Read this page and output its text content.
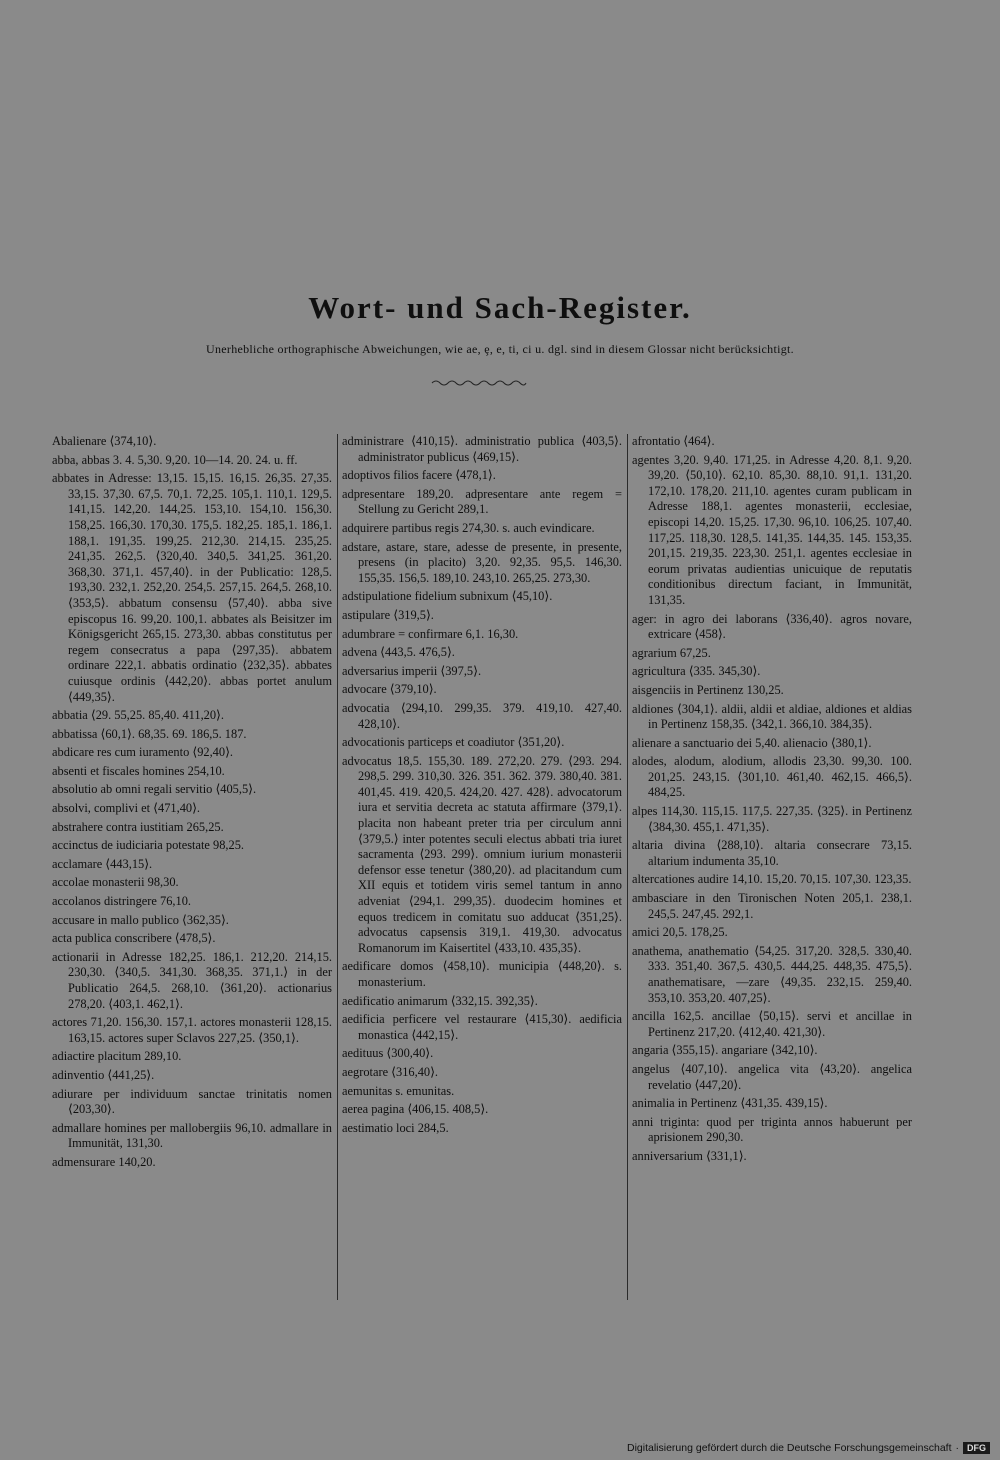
Wort- und Sach-Register.
Unerhebliche orthographische Abweichungen, wie ae, ȩ, e, ti, ci u. dgl. sind in diesem Glossar nicht berücksichtigt.
Abalienare ⟨374,10⟩.
abba, abbas 3. 4. 5,30. 9,20. 10—14. 20. 24. u. ff.
abbates in Adresse: 13,15. 15,15. 16,15. 26,35. 27,35. 33,15. 37,30. 67,5. 70,1. 72,25. 105,1. 110,1. 129,5. 141,15. 142,20. 144,25. 153,10. 154,10. 156,30. 158,25. 166,30. 170,30. 175,5. 182,25. 185,1. 186,1. 188,1. 191,35. 199,25. 212,30. 214,15. 235,25. 241,35. 262,5. ⟨320,40. 340,5. 341,25. 361,20. 368,30. 371,1. 457,40⟩. in der Publicatio: 128,5. 193,30. 232,1. 252,20. 254,5. 257,15. 264,5. 268,10. ⟨353,5⟩. abbatum consensu ⟨57,40⟩. abba sive episcopus 16. 99,20. 100,1. abbates als Beisitzer im Königsgericht 265,15. 273,30. abbas constitutus per regem consecratus a papa ⟨297,35⟩. abbatem ordinare 222,1. abbatis ordinatio ⟨232,35⟩. abbates cuiusque ordinis ⟨442,20⟩. abbas portet anulum ⟨449,35⟩.
abbatia ⟨29. 55,25. 85,40. 411,20⟩.
abbatissa ⟨60,1⟩. 68,35. 69. 186,5. 187.
abdicare res cum iuramento ⟨92,40⟩.
absenti et fiscales homines 254,10.
absolutio ab omni regali servitio ⟨405,5⟩.
absolvi, complivi et ⟨471,40⟩.
abstrahere contra iustitiam 265,25.
accinctus de iudiciaria potestate 98,25.
acclamare ⟨443,15⟩.
accolae monasterii 98,30.
accolanos distringere 76,10.
accusare in mallo publico ⟨362,35⟩.
acta publica conscribere ⟨478,5⟩.
actionarii in Adresse 182,25. 186,1. 212,20. 214,15. 230,30. ⟨340,5. 341,30. 368,35. 371,1.⟩ in der Publicatio 264,5. 268,10. ⟨361,20⟩. actionarius 278,20. ⟨403,1. 462,1⟩.
actores 71,20. 156,30. 157,1. actores monasterii 128,15. 163,15. actores super Sclavos 227,25. ⟨350,1⟩.
adiactire placitum 289,10.
adinventio ⟨441,25⟩.
adiurare per individuum sanctae trinitatis nomen ⟨203,30⟩.
admallare homines per mallobergiis 96,10. admallare in Immunität, 131,30.
admensurare 140,20.
administrare ⟨410,15⟩. administratio publica ⟨403,5⟩. administrator publicus ⟨469,15⟩.
adoptivos filios facere ⟨478,1⟩.
adpresentare 189,20. adpresentare ante regem = Stellung zu Gericht 289,1.
adquirere partibus regis 274,30. s. auch evindicare.
adstare, astare, stare, adesse de presente, in presente, presens (in placito) 3,20. 92,35. 95,5. 146,30. 155,35. 156,5. 189,10. 243,10. 265,25. 273,30.
adstipulatione fidelium subnixum ⟨45,10⟩.
astipulare ⟨319,5⟩.
adumbrare = confirmare 6,1. 16,30.
advena ⟨443,5. 476,5⟩.
adversarius imperii ⟨397,5⟩.
advocare ⟨379,10⟩.
advocatia ⟨294,10. 299,35. 379. 419,10. 427,40. 428,10⟩.
advocationis particeps et coadiutor ⟨351,20⟩.
advocatus 18,5. 155,30. 189. 272,20. 279. ⟨293. 294. 298,5. 299. 310,30. 326. 351. 362. 379. 380,40. 381. 401,45. 419. 420,5. 424,20. 427. 428⟩. advocatorum iura et servitia decreta ac statuta affirmare ⟨379,1⟩. placita non habeant preter tria per circulum anni ⟨379,5.⟩ inter potentes seculi electus abbati tria iuret sacramenta ⟨293. 299⟩. omnium iurium monasterii defensor esse tenetur ⟨380,20⟩. ad placitandum cum XII equis et totidem viris semel tantum in anno adveniat ⟨294,1. 299,35⟩. duodecim homines et equos tredicem in comitatu suo adducat ⟨351,25⟩. advocatus capsensis 319,1. 419,30. advocatus Romanorum im Kaisertitel ⟨433,10. 435,35⟩.
aedificare domos ⟨458,10⟩. municipia ⟨448,20⟩. s. monasterium.
aedificatio animarum ⟨332,15. 392,35⟩.
aedificia perficere vel restaurare ⟨415,30⟩. aedificia monastica ⟨442,15⟩.
aedituus ⟨300,40⟩.
aegrotare ⟨316,40⟩.
aemunitas s. emunitas.
aerea pagina ⟨406,15. 408,5⟩.
aestimatio loci 284,5.
afrontatio ⟨464⟩.
agentes 3,20. 9,40. 171,25. in Adresse 4,20. 8,1. 9,20. 39,20. ⟨50,10⟩. 62,10. 85,30. 88,10. 91,1. 131,20. 172,10. 178,20. 211,10. agentes curam publicam in Adresse 188,1. agentes monasterii, ecclesiae, episcopi 14,20. 15,25. 17,30. 96,10. 106,25. 107,40. 117,25. 118,30. 128,5. 141,35. 144,35. 145. 153,35. 201,15. 219,35. 223,30. 251,1. agentes ecclesiae in eorum privatas audientias unicuique de reputatis conditionibus directum faciant, in Immunität, 131,35.
ager: in agro dei laborans ⟨336,40⟩. agros novare, extricare ⟨458⟩.
agrarium 67,25.
agricultura ⟨335. 345,30⟩.
aisgenciis in Pertinenz 130,25.
aldiones ⟨304,1⟩. aldii, aldii et aldiae, aldiones et aldias in Pertinenz 158,35. ⟨342,1. 366,10. 384,35⟩.
alienare a sanctuario dei 5,40. alienacio ⟨380,1⟩.
alodes, alodum, alodium, allodis 23,30. 99,30. 100. 201,25. 243,15. ⟨301,10. 461,40. 462,15. 466,5⟩. 484,25.
alpes 114,30. 115,15. 117,5. 227,35. ⟨325⟩. in Pertinenz ⟨384,30. 455,1. 471,35⟩.
altaria divina ⟨288,10⟩. altaria consecrare 73,15. altarium indumenta 35,10.
altercationes audire 14,10. 15,20. 70,15. 107,30. 123,35.
ambasciare in den Tironischen Noten 205,1. 238,1. 245,5. 247,45. 292,1.
amici 20,5. 178,25.
anathema, anathematio ⟨54,25. 317,20. 328,5. 330,40. 333. 351,40. 367,5. 430,5. 444,25. 448,35. 475,5⟩. anathematisare, —zare ⟨49,35. 232,15. 259,40. 353,10. 353,20. 407,25⟩.
ancilla 162,5. ancillae ⟨50,15⟩. servi et ancillae in Pertinenz 217,20. ⟨412,40. 421,30⟩.
angaria ⟨355,15⟩. angariare ⟨342,10⟩.
angelus ⟨407,10⟩. angelica vita ⟨43,20⟩. angelica revelatio ⟨447,20⟩.
animalia in Pertinenz ⟨431,35. 439,15⟩.
anni triginta: quod per triginta annos habuerunt per aprisionem 290,30.
anniversarium ⟨331,1⟩.
Digitalisierung gefördert durch die Deutsche Forschungsgemeinschaft · DFG
